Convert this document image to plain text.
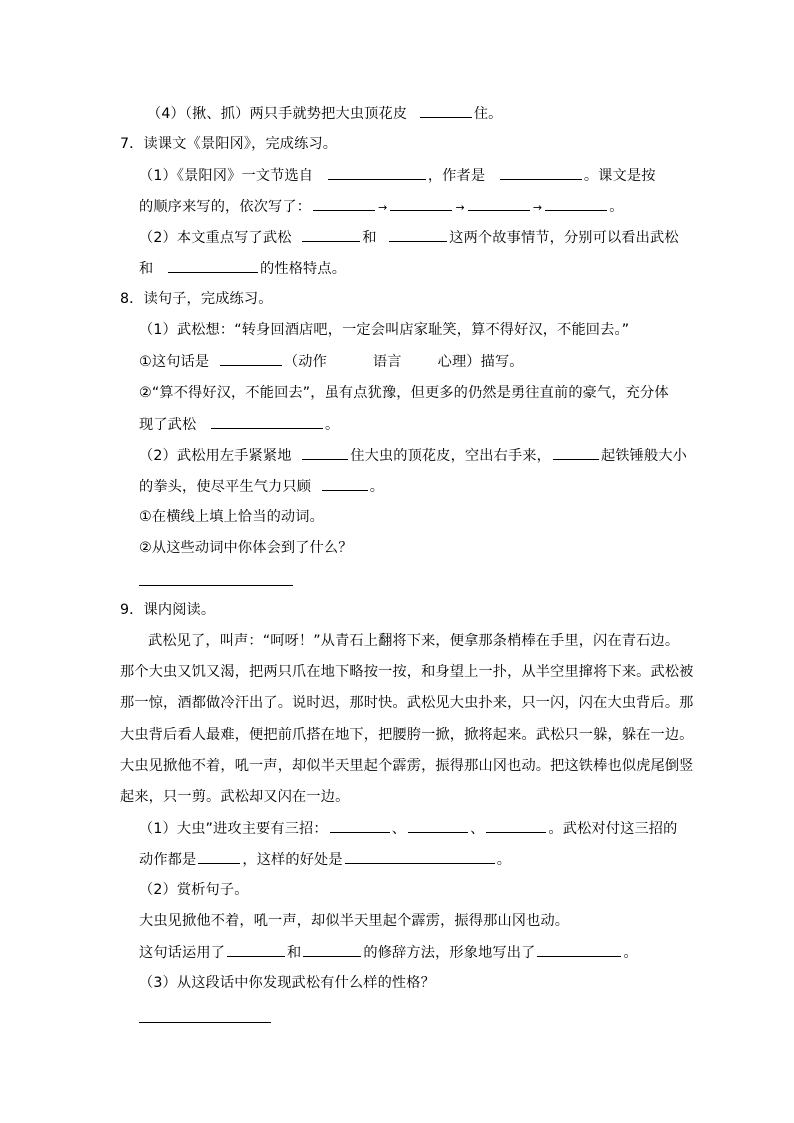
（4）（揪、抓）两只手就势把大虫顶花皮	住。
7．读课文《景阳冈》，完成练习。
（1）《景阳冈》一文节选自	，作者是	。课文是按
的顺序来写的，依次写了：	→	→	→	。
（2）本文重点写了武松	和	这两个故事情节，分别可以看出武松
和	的性格特点。
8．读句子，完成练习。
（1）武松想：“转身回酒店吧，一定会叫店家耻笑，算不得好汉，不能回去。”
①这句话是	（动作	语言	心理）描写。
②“算不得好汉，不能回去”，虽有点犹豫，但更多的仍然是勇往直前的豪气，充分体
现了武松	。
（2）武松用左手紧紧地	住大虫的顶花皮，空出右手来，	起铁锤般大小
的拳头，使尽平生气力只顾	。
①在横线上填上恰当的动词。
②从这些动词中你体会到了什么？
9．课内阅读。
武松见了，叫声：“呵呀！”从青石上翻将下来，便拿那条梢棒在手里，闪在青石边。
那个大虫又饥又渴，把两只爪在地下略按一按，和身望上一扑，从半空里撺将下来。武松被
那一惊，酒都做冷汗出了。说时迟，那时快。武松见大虫扑来，只一闪，闪在大虫背后。那
大虫背后看人最难，便把前爪搭在地下，把腰胯一掀，掀将起来。武松只一躲，躲在一边。
大虫见掀他不着，吼一声，却似半天里起个霹雳，振得那山冈也动。把这铁棒也似虎尾倒竖
起来，只一剪。武松却又闪在一边。
（1）大虫”进攻主要有三招：	、	、	。武松对付这三招的
动作都是	，这样的好处是	。
（2）赏析句子。
大虫见掀他不着，吼一声，却似半天里起个霹雳，振得那山冈也动。
这句话运用了	和	的修辞方法，形象地写出了	。
（3）从这段话中你发现武松有什么样的性格？
